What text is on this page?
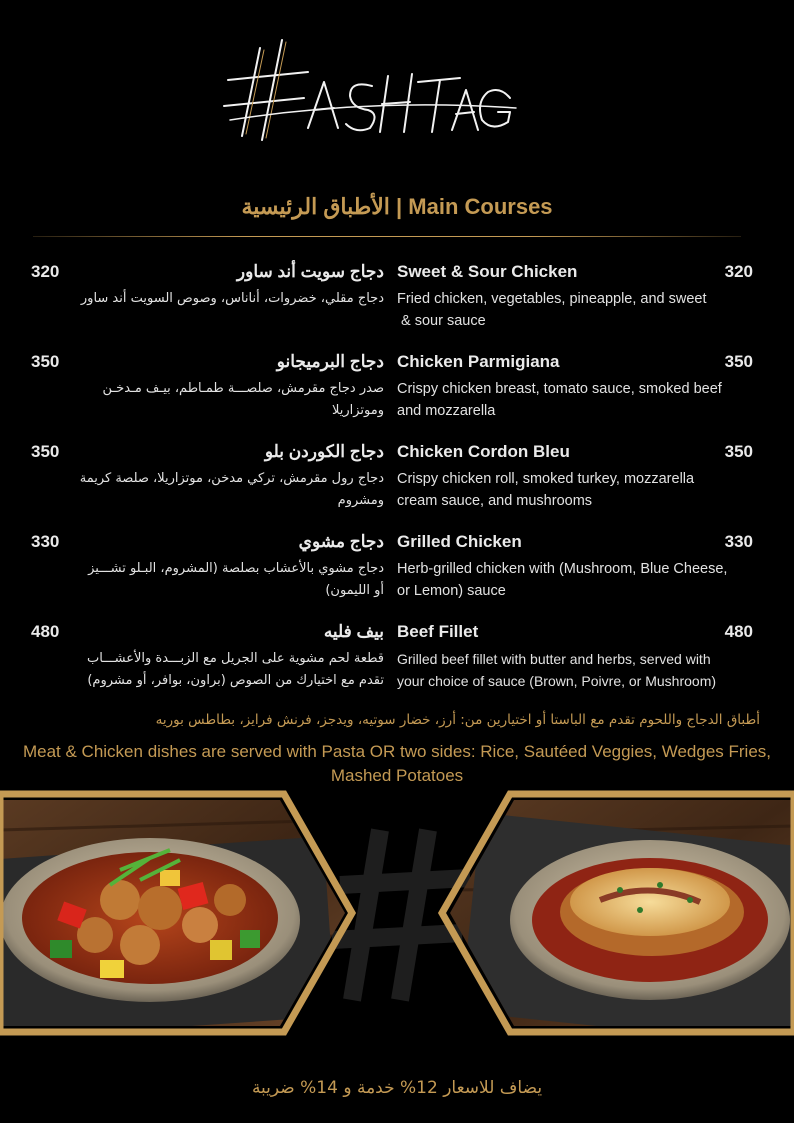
الأطباق الرئيسية | Main Courses
Sweet & Sour Chicken	320
Fried chicken, vegetables, pineapple, and sweet
& sour sauce
دجاج سويت أند ساور
320
دجاج مقلي، خضروات، أناناس، وصوص السويت أند ساور
Chicken Parmigiana	350
Crispy chicken breast, tomato sauce, smoked beef
and mozzarella
دجاج البرميجانو
350
صدر دجاج مقرمش، صلصـــة طمـاطم، بيـف مـدخـن
وموتزاريلا
Chicken Cordon Bleu	350
Crispy chicken roll, smoked turkey, mozzarella
cream sauce, and mushrooms
دجاج الكوردن بلو
350
دجاج رول مقرمش، تركي مدخن، موتزاريلا، صلصة كريمة
ومشروم
Grilled Chicken	330
Herb-grilled chicken with (Mushroom, Blue Cheese,
or Lemon) sauce
دجاج مشوي
330
دجاج مشوي بالأعشاب بصلصة (المشروم، البـلو تشـــيز
أو الليمون)
Beef Fillet	480
Grilled beef fillet with butter and herbs, served with
your choice of sauce (Brown, Poivre, or Mushroom)
بيف فليه
480
قطعة لحم مشوية على الجريل مع الزبـــدة والأعشـــاب
تقدم مع اختيارك من الصوص (براون، بوافر، أو مشروم)
أطباق الدجاج واللحوم تقدم مع الباستا أو اختيارين من: أرز، خضار سوتيه، ويدجز، فرنش فرايز، بطاطس بوريه
Meat & Chicken dishes are served with Pasta OR two sides: Rice, Sautéed Veggies, Wedges Fries, Mashed Potatoes
يضاف للاسعار 12% خدمة و 14% ضريبة
